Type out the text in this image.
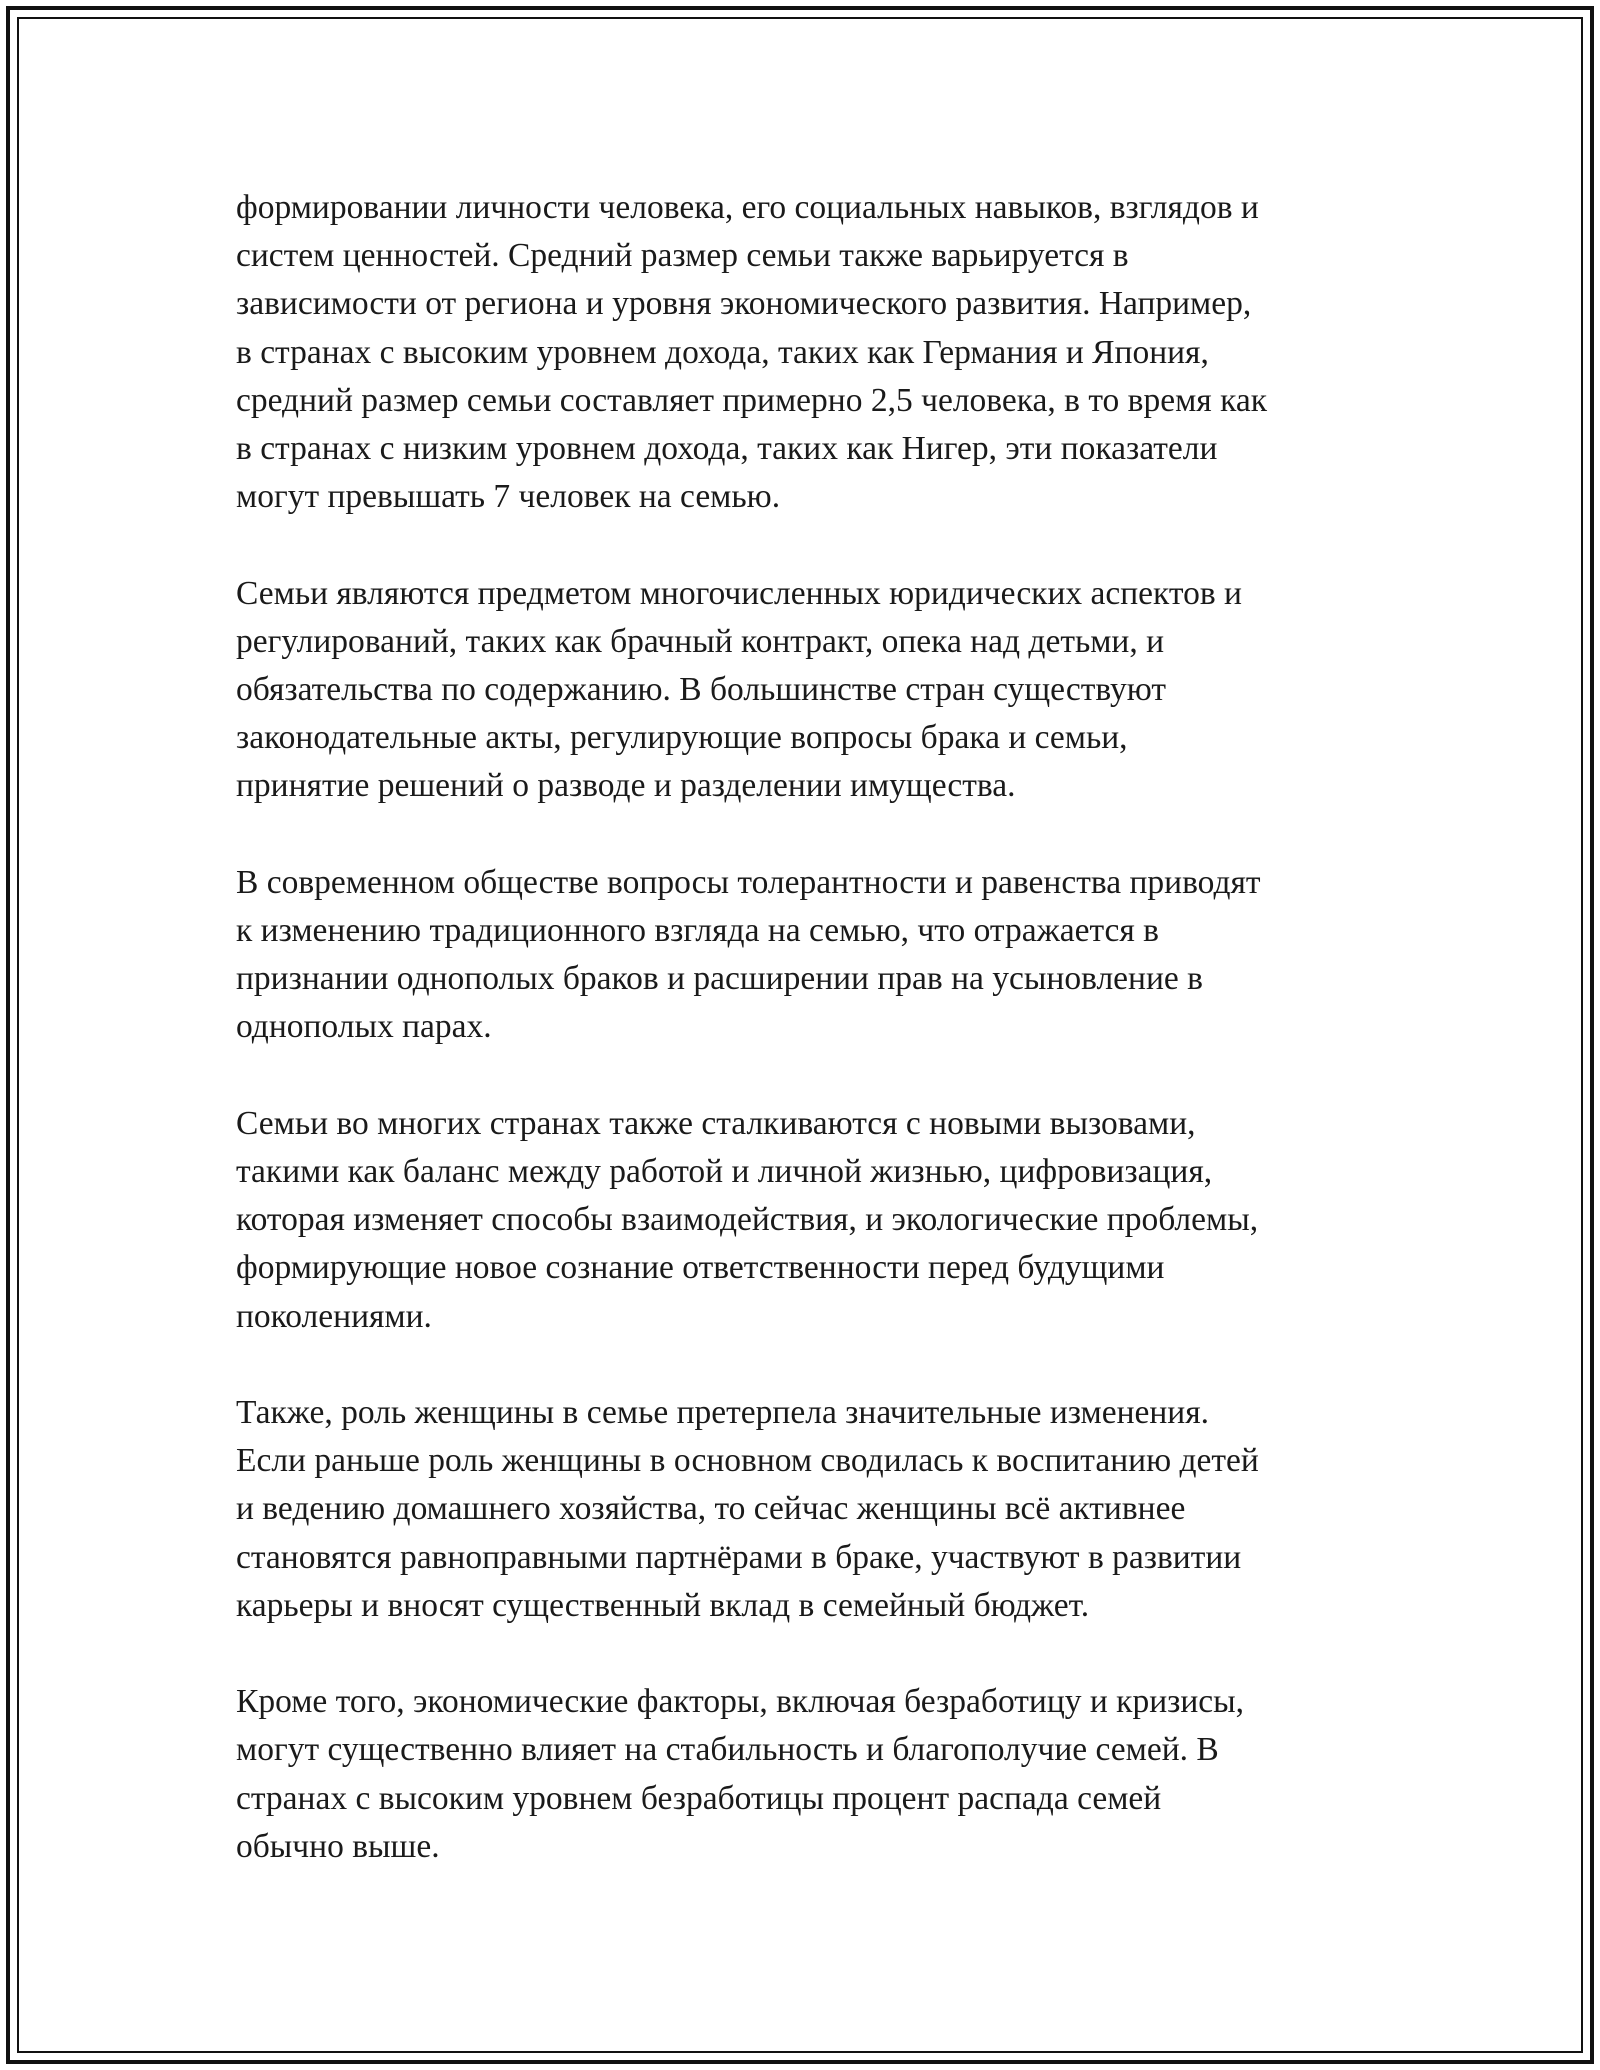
формировании личности человека, его социальных навыков, взглядов и
систем ценностей. Средний размер семьи также варьируется в
зависимости от региона и уровня экономического развития. Например,
в странах с высоким уровнем дохода, таких как Германия и Япония,
средний размер семьи составляет примерно 2,5 человека, в то время как
в странах с низким уровнем дохода, таких как Нигер, эти показатели
могут превышать 7 человек на семью.

Семьи являются предметом многочисленных юридических аспектов и
регулирований, таких как брачный контракт, опека над детьми, и
обязательства по содержанию. В большинстве стран существуют
законодательные акты, регулирующие вопросы брака и семьи,
принятие решений о разводе и разделении имущества.

В современном обществе вопросы толерантности и равенства приводят
к изменению традиционного взгляда на семью, что отражается в
признании однополых браков и расширении прав на усыновление в
однополых парах.

Семьи во многих странах также сталкиваются с новыми вызовами,
такими как баланс между работой и личной жизнью, цифровизация,
которая изменяет способы взаимодействия, и экологические проблемы,
формирующие новое сознание ответственности перед будущими
поколениями.

Также, роль женщины в семье претерпела значительные изменения.
Если раньше роль женщины в основном сводилась к воспитанию детей
и ведению домашнего хозяйства, то сейчас женщины всё активнее
становятся равноправными партнёрами в браке, участвуют в развитии
карьеры и вносят существенный вклад в семейный бюджет.

Кроме того, экономические факторы, включая безработицу и кризисы,
могут существенно влияет на стабильность и благополучие семей. В
странах с высоким уровнем безработицы процент распада семей
обычно выше.
